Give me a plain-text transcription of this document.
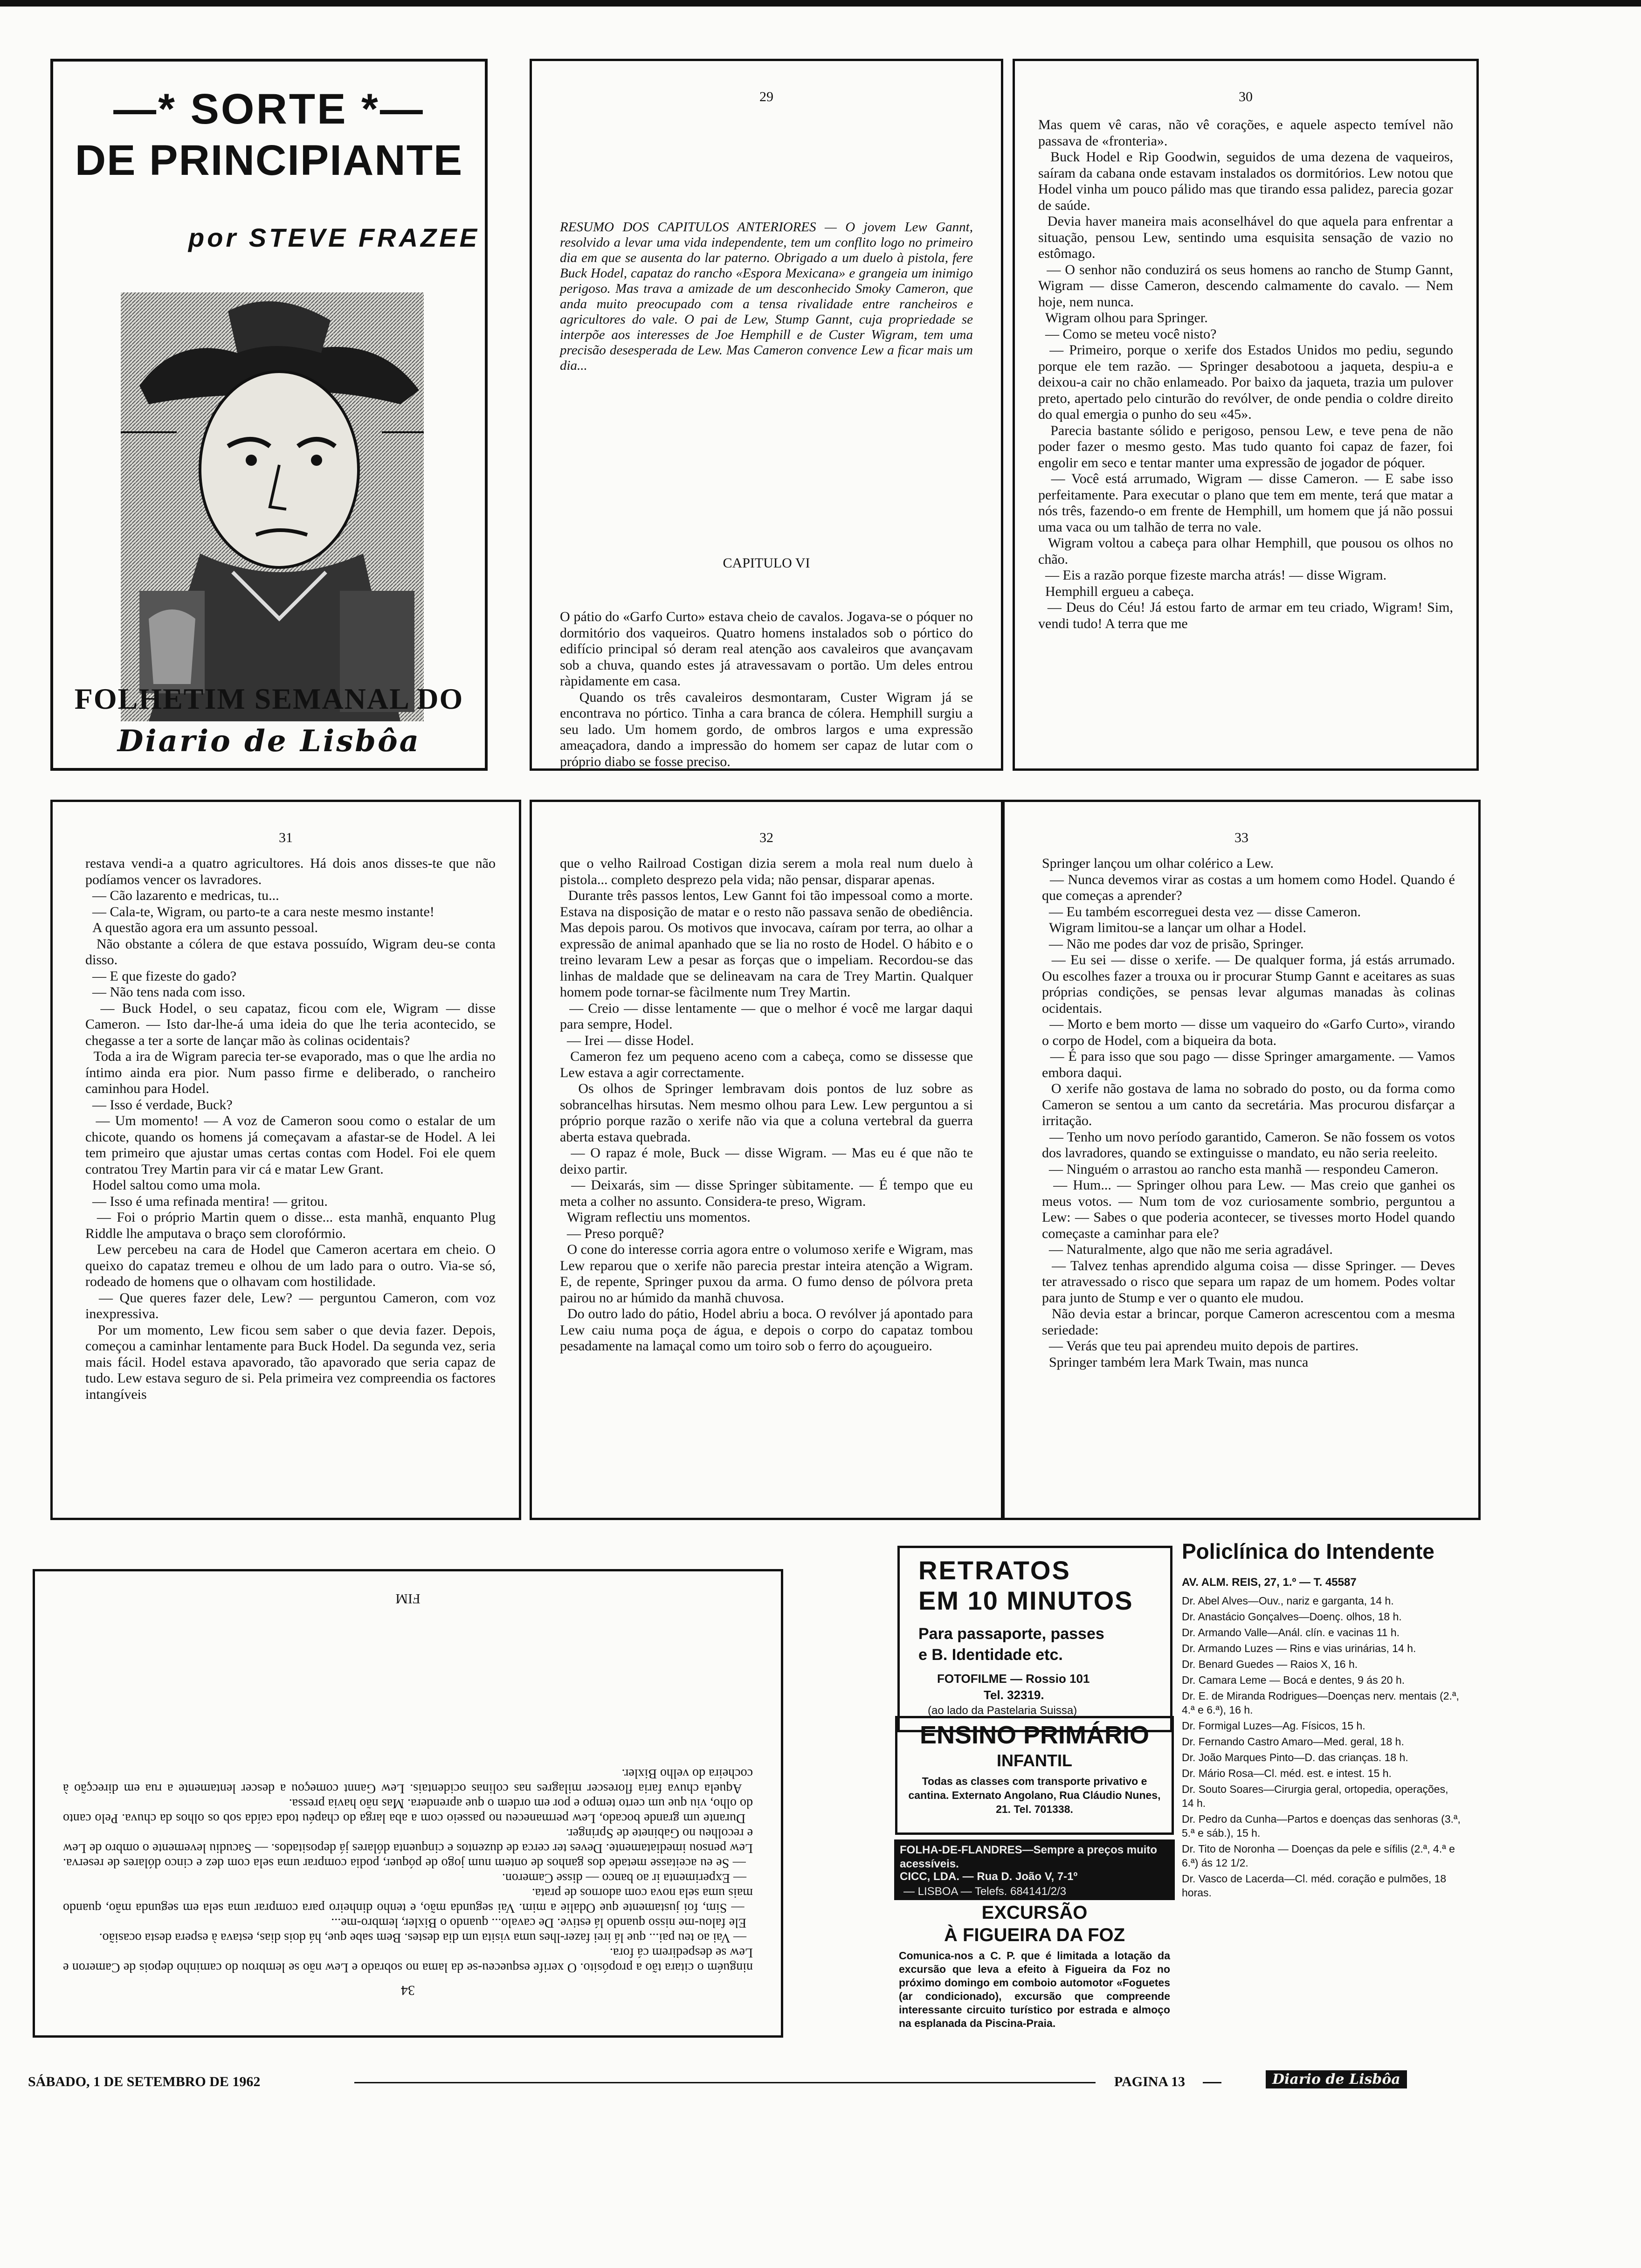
—* SORTE *—
DE PRINCIPIANTE
por STEVE FRAZEE
FOLHETIM SEMANAL DO
Diario de Lisbôa
29
RESUMO DOS CAPITULOS ANTERIORES — O jovem Lew Gannt, resolvido a levar uma vida independente, tem um conflito logo no primeiro dia em que se ausenta do lar paterno. Obrigado a um duelo à pistola, fere Buck Hodel, capataz do rancho «Espora Mexicana» e grangeia um inimigo perigoso. Mas trava a amizade de um desconhecido Smoky Cameron, que anda muito preocupado com a tensa rivalidade entre rancheiros e agricultores do vale. O pai de Lew, Stump Gannt, cuja propriedade se interpõe aos interesses de Joe Hemphill e de Custer Wigram, tem uma precisão desesperada de Lew. Mas Cameron convence Lew a ficar mais um dia...
CAPITULO VI
O pátio do «Garfo Curto» estava cheio de cavalos. Jogava-se o póquer no dormitório dos vaqueiros. Quatro homens instalados sob o pórtico do edifício principal só deram real atenção aos cavaleiros que avançavam sob a chuva, quando estes já atravessavam o portão. Um deles entrou ràpidamente em casa.
Quando os três cavaleiros desmontaram, Custer Wigram já se encontrava no pórtico. Tinha a cara branca de cólera. Hemphill surgiu a seu lado. Um homem gordo, de ombros largos e uma expressão ameaçadora, dando a impressão do homem ser capaz de lutar com o próprio diabo se fosse preciso.
30
Mas quem vê caras, não vê corações, e aquele aspecto temível não passava de «fronteria».
Buck Hodel e Rip Goodwin, seguidos de uma dezena de vaqueiros, saíram da cabana onde estavam instalados os dormitórios. Lew notou que Hodel vinha um pouco pálido mas que tirando essa palidez, parecia gozar de saúde.
Devia haver maneira mais aconselhável do que aquela para enfrentar a situação, pensou Lew, sentindo uma esquisita sensação de vazio no estômago.
— O senhor não conduzirá os seus homens ao rancho de Stump Gannt, Wigram — disse Cameron, descendo calmamente do cavalo. — Nem hoje, nem nunca.
Wigram olhou para Springer.
— Como se meteu você nisto?
— Primeiro, porque o xerife dos Estados Unidos mo pediu, segundo porque ele tem razão. — Springer desabotoou a jaqueta, despiu-a e deixou-a cair no chão enlameado. Por baixo da jaqueta, trazia um pulover preto, apertado pelo cinturão do revólver, de onde pendia o coldre direito do qual emergia o punho do seu «45».
Parecia bastante sólido e perigoso, pensou Lew, e teve pena de não poder fazer o mesmo gesto. Mas tudo quanto foi capaz de fazer, foi engolir em seco e tentar manter uma expressão de jogador de póquer.
— Você está arrumado, Wigram — disse Cameron. — E sabe isso perfeitamente. Para executar o plano que tem em mente, terá que matar a nós três, fazendo-o em frente de Hemphill, um homem que já não possui uma vaca ou um talhão de terra no vale.
Wigram voltou a cabeça para olhar Hemphill, que pousou os olhos no chão.
— Eis a razão porque fizeste marcha atrás! — disse Wigram.
Hemphill ergueu a cabeça.
— Deus do Céu! Já estou farto de armar em teu criado, Wigram! Sim, vendi tudo! A terra que me
31
restava vendi-a a quatro agricultores. Há dois anos disses-te que não podíamos vencer os lavradores.
— Cão lazarento e medricas, tu...
— Cala-te, Wigram, ou parto-te a cara neste mesmo instante!
A questão agora era um assunto pessoal.
Não obstante a cólera de que estava possuído, Wigram deu-se conta disso.
— E que fizeste do gado?
— Não tens nada com isso.
— Buck Hodel, o seu capataz, ficou com ele, Wigram — disse Cameron. — Isto dar-lhe-á uma ideia do que lhe teria acontecido, se chegasse a ter a sorte de lançar mão às colinas ocidentais?
Toda a ira de Wigram parecia ter-se evaporado, mas o que lhe ardia no íntimo ainda era pior. Num passo firme e deliberado, o rancheiro caminhou para Hodel.
— Isso é verdade, Buck?
— Um momento! — A voz de Cameron soou como o estalar de um chicote, quando os homens já começavam a afastar-se de Hodel. A lei tem primeiro que ajustar umas certas contas com Hodel. Foi ele quem contratou Trey Martin para vir cá e matar Lew Grant.
Hodel saltou como uma mola.
— Isso é uma refinada mentira! — gritou.
— Foi o próprio Martin quem o disse... esta manhã, enquanto Plug Riddle lhe amputava o braço sem clorofórmio.
Lew percebeu na cara de Hodel que Cameron acertara em cheio. O queixo do capataz tremeu e olhou de um lado para o outro. Via-se só, rodeado de homens que o olhavam com hostilidade.
— Que queres fazer dele, Lew? — perguntou Cameron, com voz inexpressiva.
Por um momento, Lew ficou sem saber o que devia fazer. Depois, começou a caminhar lentamente para Buck Hodel. Da segunda vez, seria mais fácil. Hodel estava apavorado, tão apavorado que seria capaz de tudo. Lew estava seguro de si. Pela primeira vez compreendia os factores intangíveis
32
que o velho Railroad Costigan dizia serem a mola real num duelo à pistola... completo desprezo pela vida; não pensar, disparar apenas.
Durante três passos lentos, Lew Gannt foi tão impessoal como a morte. Estava na disposição de matar e o resto não passava senão de obediência. Mas depois parou. Os motivos que invocava, caíram por terra, ao olhar a expressão de animal apanhado que se lia no rosto de Hodel. O hábito e o treino levaram Lew a pesar as forças que o impeliam. Recordou-se das linhas de maldade que se delineavam na cara de Trey Martin. Qualquer homem pode tornar-se fàcilmente num Trey Martin.
— Creio — disse lentamente — que o melhor é você me largar daqui para sempre, Hodel.
— Irei — disse Hodel.
Cameron fez um pequeno aceno com a cabeça, como se dissesse que Lew estava a agir correctamente.
Os olhos de Springer lembravam dois pontos de luz sobre as sobrancelhas hirsutas. Nem mesmo olhou para Lew. Lew perguntou a si próprio porque razão o xerife não via que a coluna vertebral da guerra aberta estava quebrada.
— O rapaz é mole, Buck — disse Wigram. — Mas eu é que não te deixo partir.
— Deixarás, sim — disse Springer sùbitamente. — É tempo que eu meta a colher no assunto. Considera-te preso, Wigram.
Wigram reflectiu uns momentos.
— Preso porquê?
O cone do interesse corria agora entre o volumoso xerife e Wigram, mas Lew reparou que o xerife não parecia prestar inteira atenção a Wigram. E, de repente, Springer puxou da arma. O fumo denso de pólvora preta pairou no ar húmido da manhã chuvosa.
Do outro lado do pátio, Hodel abriu a boca. O revólver já apontado para Lew caiu numa poça de água, e depois o corpo do capataz tombou pesadamente na lamaçal como um toiro sob o ferro do açougueiro.
33
Springer lançou um olhar colérico a Lew.
— Nunca devemos virar as costas a um homem como Hodel. Quando é que começas a aprender?
— Eu também escorreguei desta vez — disse Cameron.
Wigram limitou-se a lançar um olhar a Hodel.
— Não me podes dar voz de prisão, Springer.
— Eu sei — disse o xerife. — De qualquer forma, já estás arrumado. Ou escolhes fazer a trouxa ou ir procurar Stump Gannt e aceitares as suas próprias condições, se pensas levar algumas manadas às colinas ocidentais.
— Morto e bem morto — disse um vaqueiro do «Garfo Curto», virando o corpo de Hodel, com a biqueira da bota.
— É para isso que sou pago — disse Springer amargamente. — Vamos embora daqui.
O xerife não gostava de lama no sobrado do posto, ou da forma como Cameron se sentou a um canto da secretária. Mas procurou disfarçar a irritação.
— Tenho um novo período garantido, Cameron. Se não fossem os votos dos lavradores, quando se extinguisse o mandato, eu não seria reeleito.
— Ninguém o arrastou ao rancho esta manhã — respondeu Cameron.
— Hum... — Springer olhou para Lew. — Mas creio que ganhei os meus votos. — Num tom de voz curiosamente sombrio, perguntou a Lew: — Sabes o que poderia acontecer, se tivesses morto Hodel quando começaste a caminhar para ele?
— Naturalmente, algo que não me seria agradável.
— Talvez tenhas aprendido alguma coisa — disse Springer. — Deves ter atravessado o risco que separa um rapaz de um homem. Podes voltar para junto de Stump e ver o quanto ele mudou.
Não devia estar a brincar, porque Cameron acrescentou com a mesma seriedade:
— Verás que teu pai aprendeu muito depois de partires.
Springer também lera Mark Twain, mas nunca
34
ninguém o citara tão a propósito. O xerife esqueceu-se da lama no sobrado e Lew não se lembrou do caminho depois de Cameron e Lew se despedirem cá fora.
— Vai ao teu pai... que lá irei fazer-lhes uma visita um dia destes. Bem sabe que, há dois dias, estava à espera desta ocasião.
Ele falou-me nisso quando lá estive. De cavalo... quando o Bixler, lembro-me...
— Sim, foi justamente que Odalie a mim. Vai segunda mão, e tenho dinheiro para comprar uma sela em segunda mão, quando mais uma sela nova com adornos de prata.
— Experimenta ir ao banco — disse Cameron.
— Se eu aceitasse metade dos ganhos de ontem num jogo de póquer, podia comprar uma sela com dez e cinco dólares de reserva. Lew pensou imediatamente. Deves ter cerca de duzentos e cinquenta dólares já depositados. — Sacudiu levemente o ombro de Lew e recolheu no Gabinete de Springer.
Durante um grande bocado, Lew permaneceu no passeio com a aba larga do chapéu toda caída sob os olhos da chuva. Pelo canto do olho, viu que um certo tempo e por em ordem o que aprendera. Mas não havia pressa.
Aquela chuva faria florescer milagres nas colinas ocidentais. Lew Gannt começou a descer lentamente a rua em direcção à cocheira do velho Bixler.
FIM
RETRATOS
EM 10 MINUTOS
Para passaporte, passes
e B. Identidade etc.
FOTOFILME — Rossio 101
Tel. 32319.
(ao lado da Pastelaria Suissa)
ENSINO PRIMÁRIO
INFANTIL
Todas as classes com transporte privativo e cantina. Externato Angolano, Rua Cláudio Nunes, 21. Tel. 701338.
FOLHA-DE-FLANDRES—Sempre a preços muito acessíveis.
CICC, LDA. — Rua D. João V, 7-1º
— LISBOA — Telefs. 684141/2/3
EXCURSÃO
À FIGUEIRA DA FOZ
Comunica-nos a C. P. que é limitada a lotação da excursão que leva a efeito à Figueira da Foz no próximo domingo em comboio automotor «Foguetes (ar condicionado), excursão que compreende interessante circuito turístico por estrada e almoço na esplanada da Piscina-Praia.
Policlínica do Intendente
AV. ALM. REIS, 27, 1.º — T. 45587
Dr. Abel Alves—Ouv., nariz e garganta, 14 h.
Dr. Anastácio Gonçalves—Doenç. olhos, 18 h.
Dr. Armando Valle—Anál. clín. e vacinas 11 h.
Dr. Armando Luzes — Rins e vias urinárias, 14 h.
Dr. Benard Guedes — Raios X, 16 h.
Dr. Camara Leme — Bocá e dentes, 9 ás 20 h.
Dr. E. de Miranda Rodrigues—Doenças nerv. mentais (2.ª, 4.ª e 6.ª), 16 h.
Dr. Formigal Luzes—Ag. Físicos, 15 h.
Dr. Fernando Castro Amaro—Med. geral, 18 h.
Dr. João Marques Pinto—D. das crianças. 18 h.
Dr. Mário Rosa—Cl. méd. est. e intest. 15 h.
Dr. Souto Soares—Cirurgia geral, ortopedia, operações, 14 h.
Dr. Pedro da Cunha—Partos e doenças das senhoras (3.ª, 5.ª e sáb.), 15 h.
Dr. Tito de Noronha — Doenças da pele e sífilis (2.ª, 4.ª e 6.ª) ás 12 1/2.
Dr. Vasco de Lacerda—Cl. méd. coração e pulmões, 18 horas.
SÁBADO, 1 DE SETEMBRO DE 1962	PAGINA 13	Diario de Lisbôa
